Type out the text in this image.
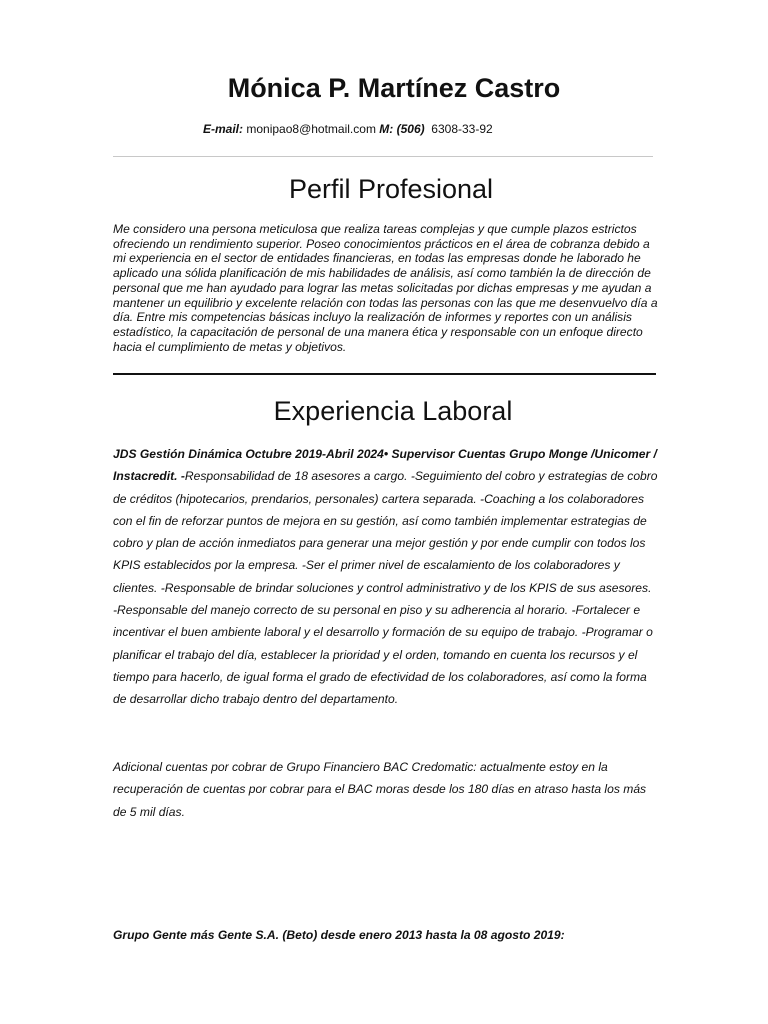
Mónica P. Martínez Castro
E-mail: monipao8@hotmail.com M: (506) 6308-33-92
Perfil Profesional

Me considero una persona meticulosa que realiza tareas complejas y que cumple plazos estrictos ofreciendo un rendimiento superior. Poseo conocimientos prácticos en el área de cobranza debido a mi experiencia en el sector de entidades financieras, en todas las empresas donde he laborado he aplicado una sólida planificación de mis habilidades de análisis, así como también la de dirección de personal que me han ayudado para lograr las metas solicitadas por dichas empresas y me ayudan a mantener un equilibrio y excelente relación con todas las personas con las que me desenvuelvo día a día. Entre mis competencias básicas incluyo la realización de informes y reportes con un análisis estadístico, la capacitación de personal de una manera ética y responsable con un enfoque directo hacia el cumplimiento de metas y objetivos.

Experiencia Laboral

JDS Gestión Dinámica Octubre 2019-Abril 2024• Supervisor Cuentas Grupo Monge /Unicomer / Instacredit. -Responsabilidad de 18 asesores a cargo. -Seguimiento del cobro y estrategias de cobro de créditos (hipotecarios, prendarios, personales) cartera separada. -Coaching a los colaboradores con el fin de reforzar puntos de mejora en su gestión, así como también implementar estrategias de cobro y plan de acción inmediatos para generar una mejor gestión y por ende cumplir con todos los KPIS establecidos por la empresa. -Ser el primer nivel de escalamiento de los colaboradores y clientes. -Responsable de brindar soluciones y control administrativo y de los KPIS de sus asesores. -Responsable del manejo correcto de su personal en piso y su adherencia al horario. -Fortalecer e incentivar el buen ambiente laboral y el desarrollo y formación de su equipo de trabajo. -Programar o planificar el trabajo del día, establecer la prioridad y el orden, tomando en cuenta los recursos y el tiempo para hacerlo, de igual forma el grado de efectividad de los colaboradores, así como la forma de desarrollar dicho trabajo dentro del departamento.

Adicional cuentas por cobrar de Grupo Financiero BAC Credomatic: actualmente estoy en la recuperación de cuentas por cobrar para el BAC moras desde los 180 días en atraso hasta los más de 5 mil días.

Grupo Gente más Gente S.A. (Beto) desde enero 2013 hasta la 08 agosto 2019:
